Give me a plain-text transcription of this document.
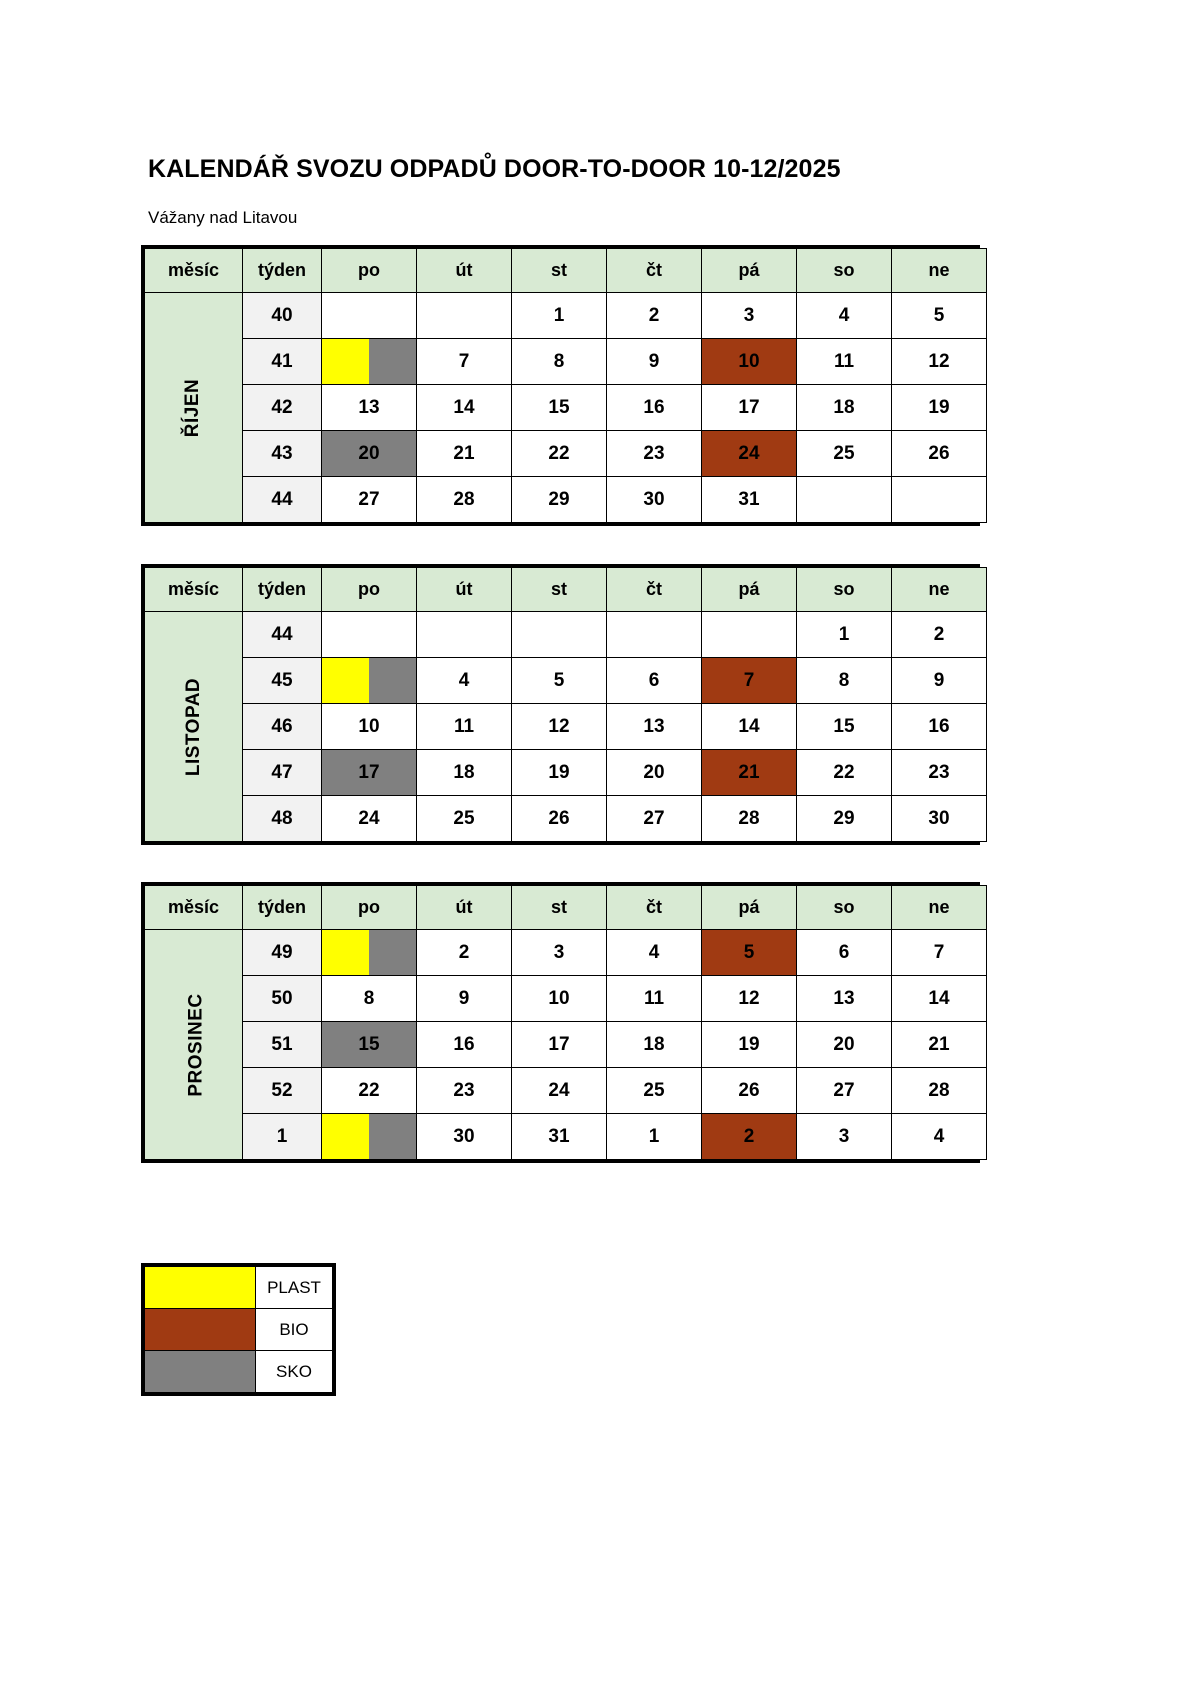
KALENDÁŘ SVOZU ODPADŮ DOOR-TO-DOOR 10-12/2025
Vážany nad Litavou
měsíc	týden	po	út	st	čt	pá	so	ne
ŘÍJEN	40			1	2	3	4	5
	41		7	8	9	10	11	12
	42	13	14	15	16	17	18	19
	43	20	21	22	23	24	25	26
	44	27	28	29	30	31		
měsíc	týden	po	út	st	čt	pá	so	ne
LISTOPAD	44						1	2
	45		4	5	6	7	8	9
	46	10	11	12	13	14	15	16
	47	17	18	19	20	21	22	23
	48	24	25	26	27	28	29	30
měsíc	týden	po	út	st	čt	pá	so	ne
PROSINEC	49		2	3	4	5	6	7
	50	8	9	10	11	12	13	14
	51	15	16	17	18	19	20	21
	52	22	23	24	25	26	27	28
	1		30	31	1	2	3	4
	PLAST
	BIO
	SKO
